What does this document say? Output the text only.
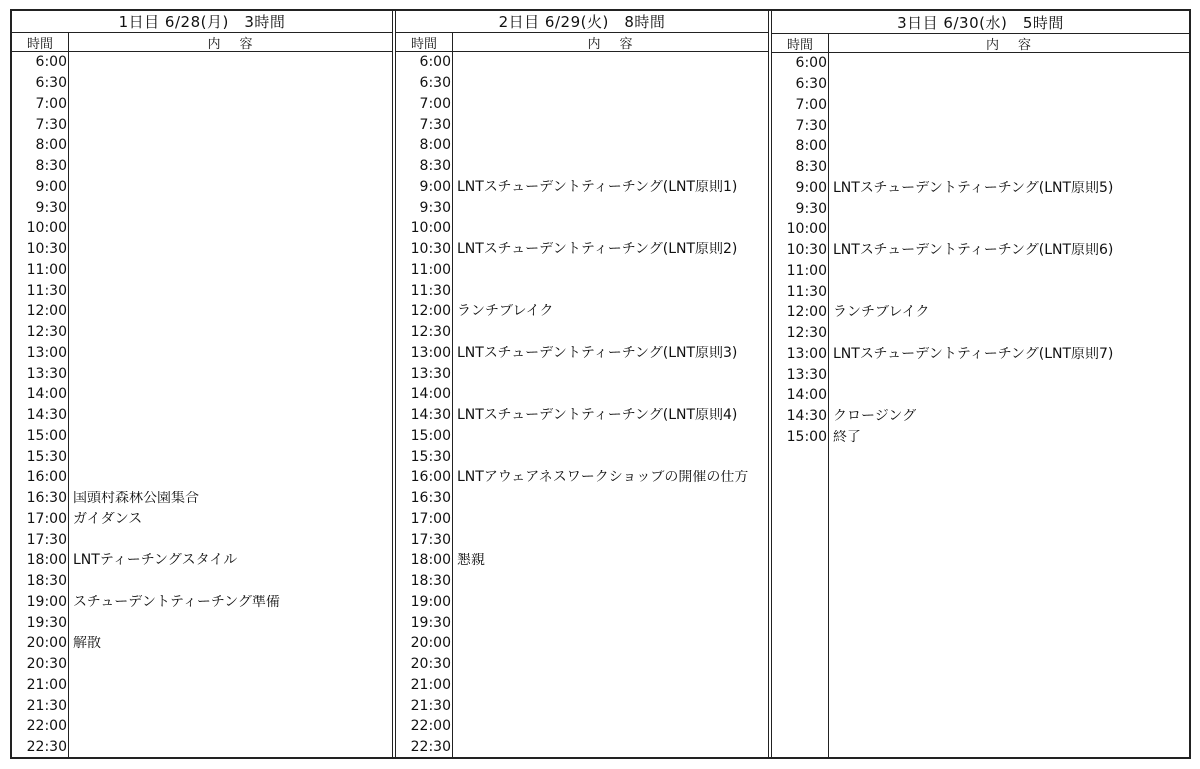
1日目 6/28(月)　3時間
時間	内 容
6:00
6:30
7:00
7:30
8:00
8:30
9:00
9:30
10:00
10:30
11:00
11:30
12:00
12:30
13:00
13:30
14:00
14:30
15:00
15:30
16:00
16:30 国頭村森林公園集合
17:00 ガイダンス
17:30
18:00 LNTティーチングスタイル
18:30
19:00 スチューデントティーチング準備
19:30
20:00 解散
20:30
21:00
21:30
22:00
22:30
2日目 6/29(火)　8時間
時間	内 容
6:00
6:30
7:00
7:30
8:00
8:30
9:00 LNTスチューデントティーチング(LNT原則1)
9:30
10:00
10:30 LNTスチューデントティーチング(LNT原則2)
11:00
11:30
12:00 ランチブレイク
12:30
13:00 LNTスチューデントティーチング(LNT原則3)
13:30
14:00
14:30 LNTスチューデントティーチング(LNT原則4)
15:00
15:30
16:00 LNTアウェアネスワークショップの開催の仕方
16:30
17:00
17:30
18:00 懇親
18:30
19:00
19:30
20:00
20:30
21:00
21:30
22:00
22:30
3日目 6/30(水)　5時間
時間	内 容
6:00
6:30
7:00
7:30
8:00
8:30
9:00 LNTスチューデントティーチング(LNT原則5)
9:30
10:00
10:30 LNTスチューデントティーチング(LNT原則6)
11:00
11:30
12:00 ランチブレイク
12:30
13:00 LNTスチューデントティーチング(LNT原則7)
13:30
14:00
14:30 クロージング
15:00 終了
